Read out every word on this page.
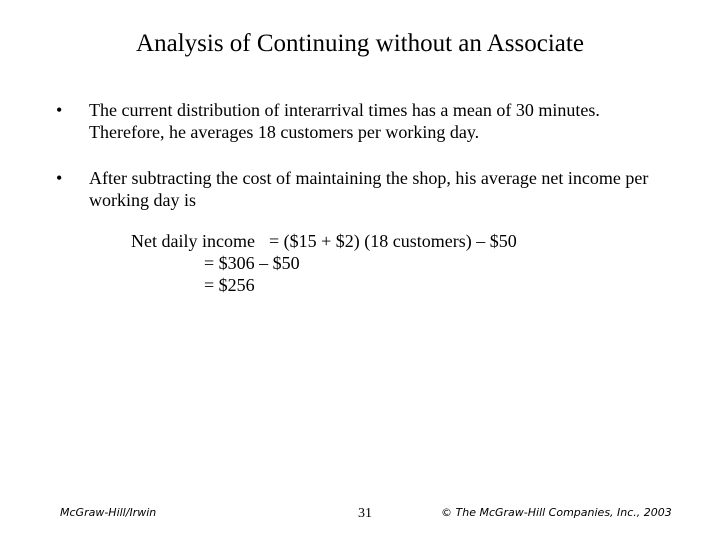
Analysis of Continuing without an Associate
•	The current distribution of interarrival times has a mean of 30 minutes. Therefore, he averages 18 customers per working day.
•	After subtracting the cost of maintaining the shop, his average net income per working day is
Net daily income = ($15 + $2) (18 customers) – $50
= $306 – $50
= $256
McGraw-Hill/Irwin	31	© The McGraw-Hill Companies, Inc., 2003
